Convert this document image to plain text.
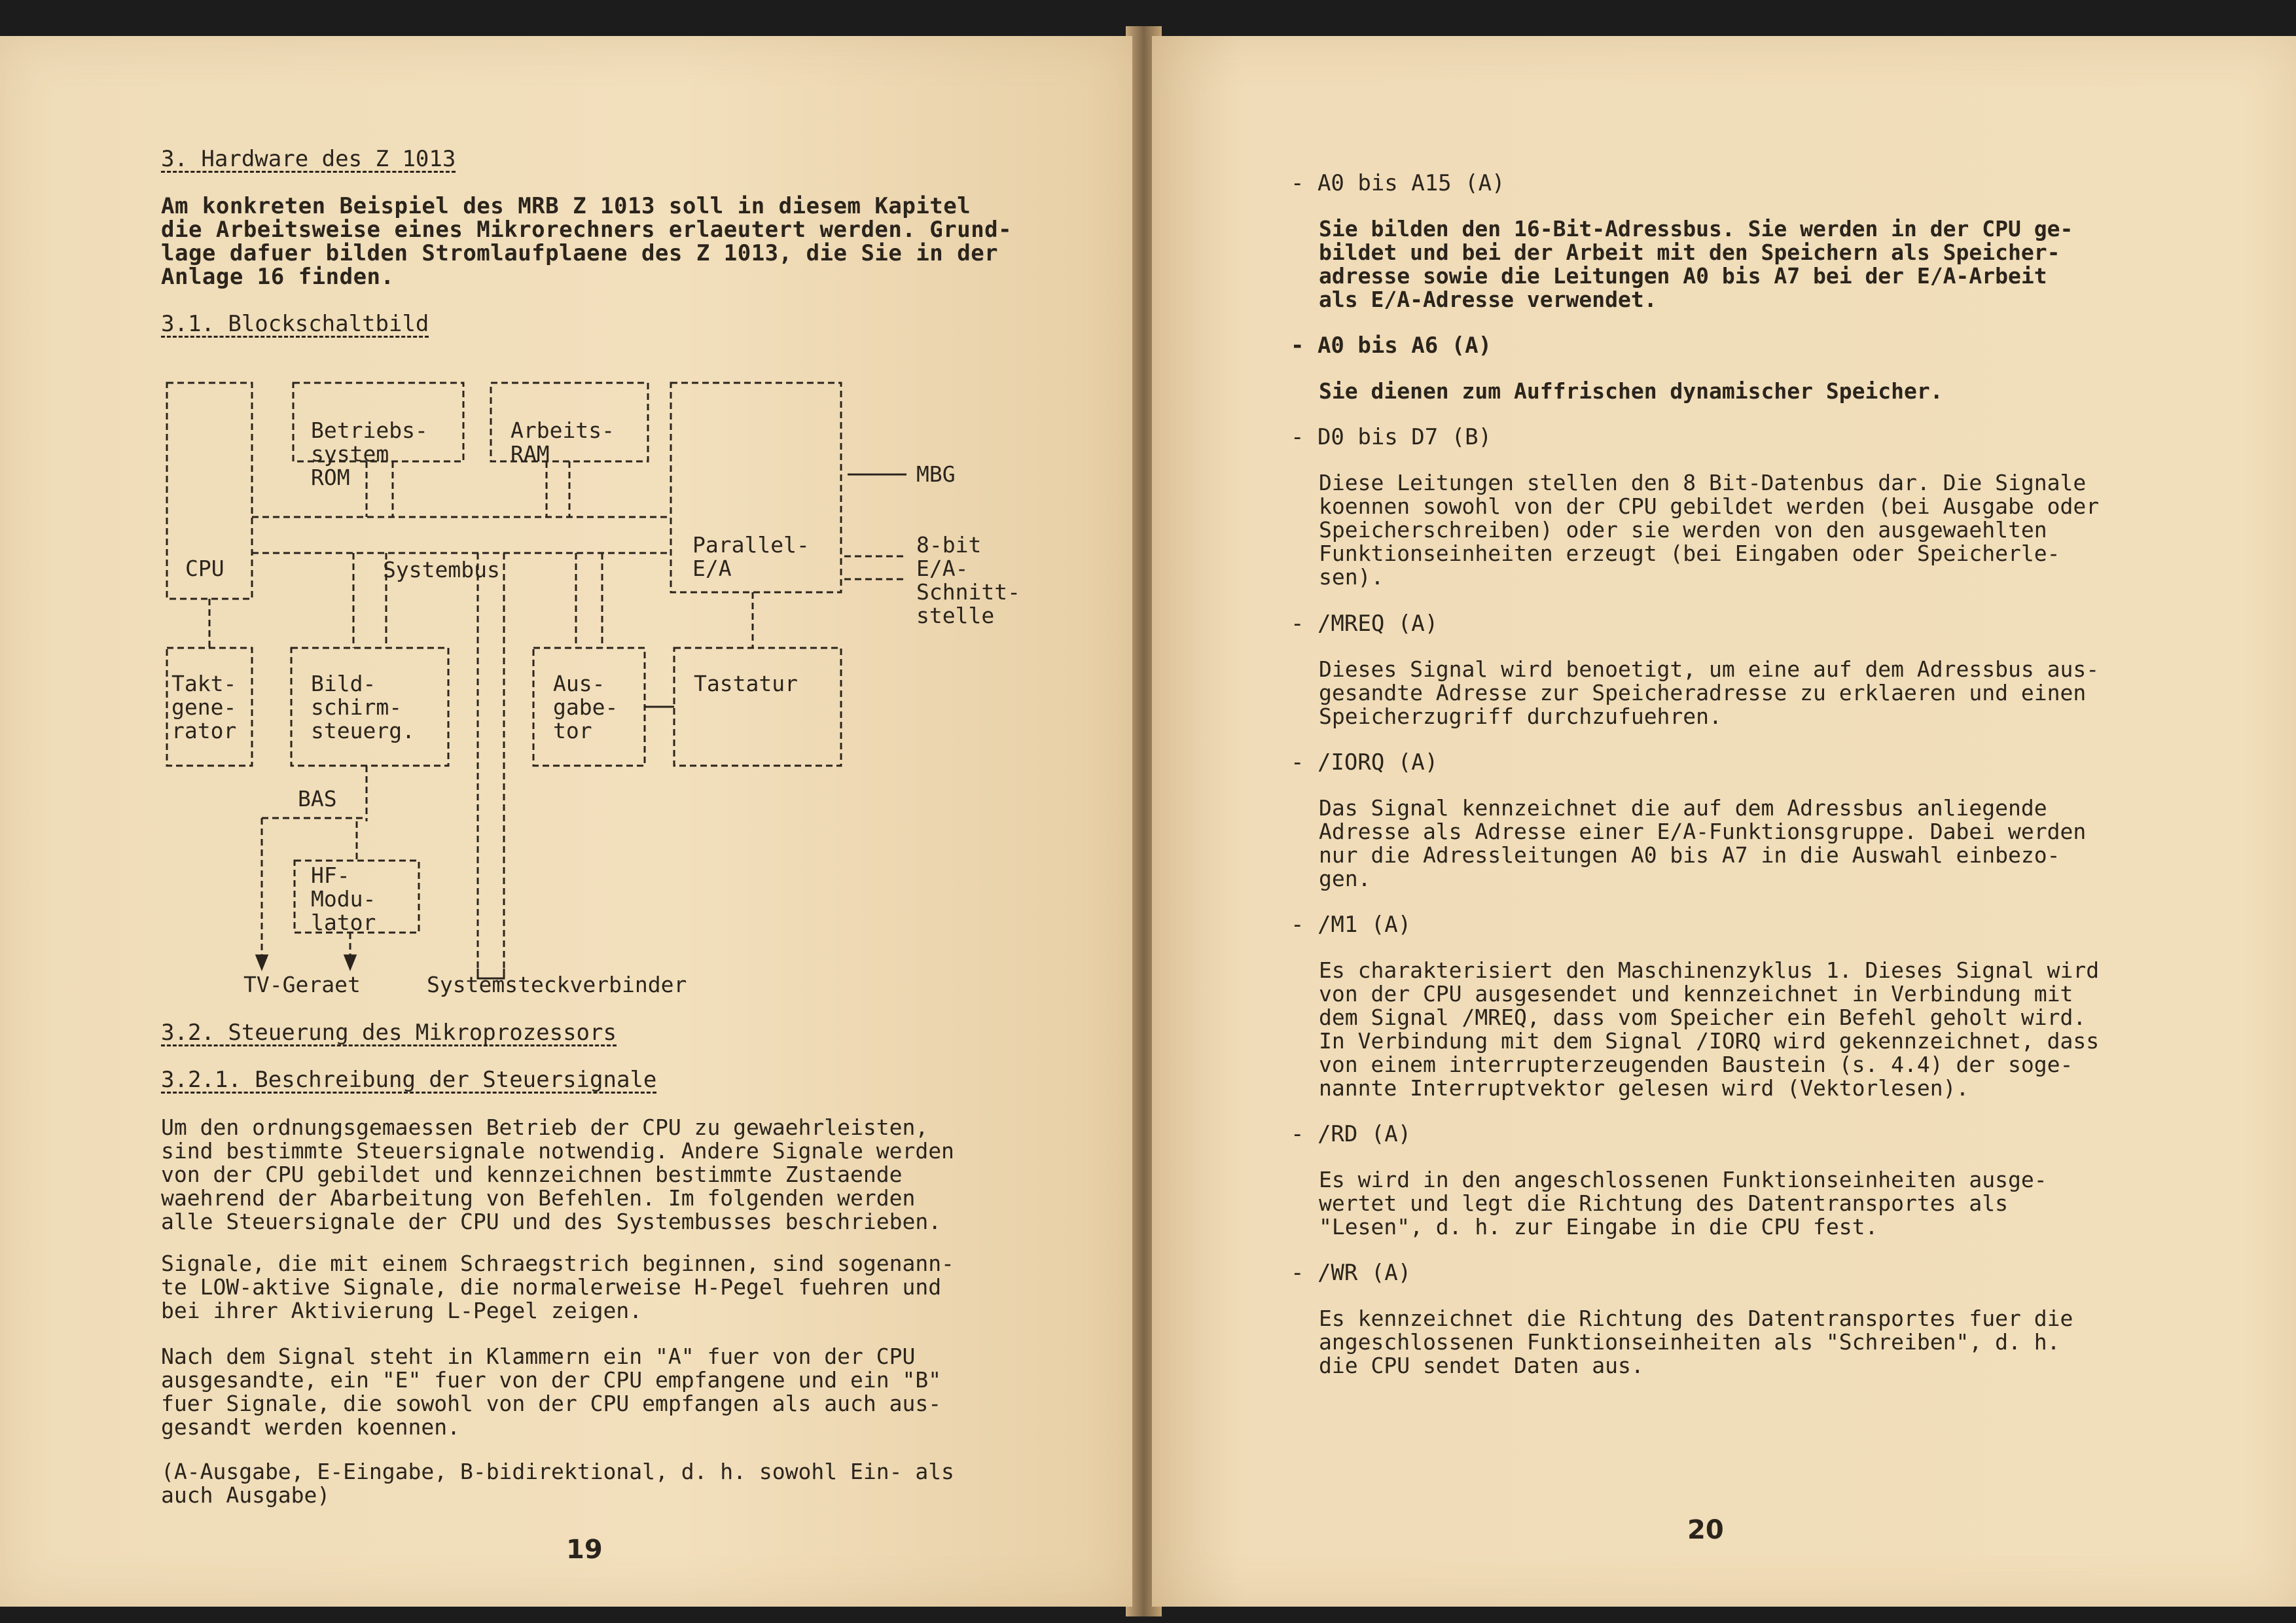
3. Hardware des Z 1013
Am konkreten Beispiel des MRB Z 1013 soll in diesem Kapitel
die Arbeitsweise eines Mikrorechners erlaeutert werden. Grund-
lage dafuer bilden Stromlaufplaene des Z 1013, die Sie in der
Anlage 16 finden.
3.1. Blockschaltbild
Betriebs-
system
ROM
Arbeits-
RAM
CPU	Systembus
Parallel-
E/A
MBG
8-bit
E/A-
Schnitt-
stelle
Takt-
gene-
rator
Bild-
schirm-
steuerg.
Aus-
gabe-
tor
Tastatur
BAS
HF-
Modu-
lator
TV-Geraet	Systemsteckverbinder
3.2. Steuerung des Mikroprozessors
3.2.1. Beschreibung der Steuersignale
Um den ordnungsgemaessen Betrieb der CPU zu gewaehrleisten,
sind bestimmte Steuersignale notwendig. Andere Signale werden
von der CPU gebildet und kennzeichnen bestimmte Zustaende
waehrend der Abarbeitung von Befehlen. Im folgenden werden
alle Steuersignale der CPU und des Systembusses beschrieben.
Signale, die mit einem Schraegstrich beginnen, sind sogenann-
te LOW-aktive Signale, die normalerweise H-Pegel fuehren und
bei ihrer Aktivierung L-Pegel zeigen.
Nach dem Signal steht in Klammern ein "A" fuer von der CPU
ausgesandte, ein "E" fuer von der CPU empfangene und ein "B"
fuer Signale, die sowohl von der CPU empfangen als auch aus-
gesandt werden koennen.
(A-Ausgabe, E-Eingabe, B-bidirektional, d. h. sowohl Ein- als
auch Ausgabe)
19
- A0 bis A15 (A)
Sie bilden den 16-Bit-Adressbus. Sie werden in der CPU ge-
bildet und bei der Arbeit mit den Speichern als Speicher-
adresse sowie die Leitungen A0 bis A7 bei der E/A-Arbeit
als E/A-Adresse verwendet.
- A0 bis A6 (A)
Sie dienen zum Auffrischen dynamischer Speicher.
- D0 bis D7 (B)
Diese Leitungen stellen den 8 Bit-Datenbus dar. Die Signale
koennen sowohl von der CPU gebildet werden (bei Ausgabe oder
Speicherschreiben) oder sie werden von den ausgewaehlten
Funktionseinheiten erzeugt (bei Eingaben oder Speicherle-
sen).
- /MREQ (A)
Dieses Signal wird benoetigt, um eine auf dem Adressbus aus-
gesandte Adresse zur Speicheradresse zu erklaeren und einen
Speicherzugriff durchzufuehren.
- /IORQ (A)
Das Signal kennzeichnet die auf dem Adressbus anliegende
Adresse als Adresse einer E/A-Funktionsgruppe. Dabei werden
nur die Adressleitungen A0 bis A7 in die Auswahl einbezo-
gen.
- /M1 (A)
Es charakterisiert den Maschinenzyklus 1. Dieses Signal wird
von der CPU ausgesendet und kennzeichnet in Verbindung mit
dem Signal /MREQ, dass vom Speicher ein Befehl geholt wird.
In Verbindung mit dem Signal /IORQ wird gekennzeichnet, dass
von einem interrupterzeugenden Baustein (s. 4.4) der soge-
nannte Interruptvektor gelesen wird (Vektorlesen).
- /RD (A)
Es wird in den angeschlossenen Funktionseinheiten ausge-
wertet und legt die Richtung des Datentransportes als
"Lesen", d. h. zur Eingabe in die CPU fest.
- /WR (A)
Es kennzeichnet die Richtung des Datentransportes fuer die
angeschlossenen Funktionseinheiten als "Schreiben", d. h.
die CPU sendet Daten aus.
20
